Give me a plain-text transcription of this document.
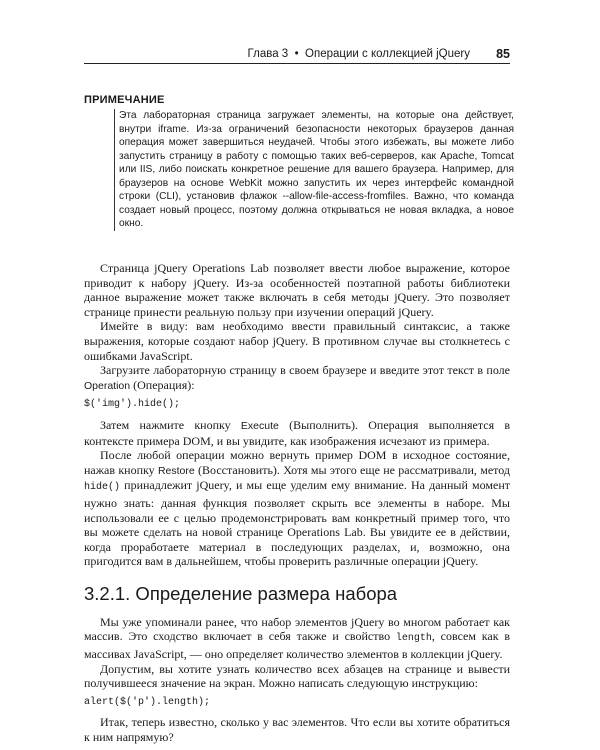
Глава 3 • Операции с коллекцией jQuery 85
ПРИМЕЧАНИЕ
Эта лабораторная страница загружает элементы, на которые она действует, внутри iframe. Из-за ограничений безопасности некоторых браузеров данная операция может завершиться неудачей. Чтобы этого избежать, вы можете либо запустить страницу в работу с помощью таких веб-серверов, как Apache, Tomcat или IIS, либо поискать конкретное решение для вашего браузера. Например, для браузеров на основе WebKit можно запустить их через интерфейс командной строки (CLI), установив флажок --allow-file-access-fromfiles. Важно, что команда создает новый процесс, поэтому должна открываться не новая вкладка, а новое окно.

Страница jQuery Operations Lab позволяет ввести любое выражение, которое приводит к набору jQuery. Из-за особенностей поэтапной работы библиотеки данное выражение может также включать в себя методы jQuery. Это позволяет странице принести реальную пользу при изучении операций jQuery.

Имейте в виду: вам необходимо ввести правильный синтаксис, а также выражения, которые создают набор jQuery. В противном случае вы столкнетесь с ошибками JavaScript.

Загрузите лабораторную страницу в своем браузере и введите этот текст в поле Operation (Операция):

$('img').hide();

Затем нажмите кнопку Execute (Выполнить). Операция выполняется в контексте примера DOM, и вы увидите, как изображения исчезают из примера.

После любой операции можно вернуть пример DOM в исходное состояние, нажав кнопку Restore (Восстановить). Хотя мы этого еще не рассматривали, метод hide() принадлежит jQuery, и мы еще уделим ему внимание. На данный момент нужно знать: данная функция позволяет скрыть все элементы в наборе. Мы использовали ее с целью продемонстрировать вам конкретный пример того, что вы можете сделать на новой странице Operations Lab. Вы увидите ее в действии, когда проработаете материал в последующих разделах, и, возможно, она пригодится вам в дальнейшем, чтобы проверить различные операции jQuery.

3.2.1. Определение размера набора

Мы уже упоминали ранее, что набор элементов jQuery во многом работает как массив. Это сходство включает в себя также и свойство length, совсем как в массивах JavaScript, — оно определяет количество элементов в коллекции jQuery.

Допустим, вы хотите узнать количество всех абзацев на странице и вывести получившееся значение на экран. Можно написать следующую инструкцию:

alert($('p').length);

Итак, теперь известно, сколько у вас элементов. Что если вы хотите обратиться к ним напрямую?
